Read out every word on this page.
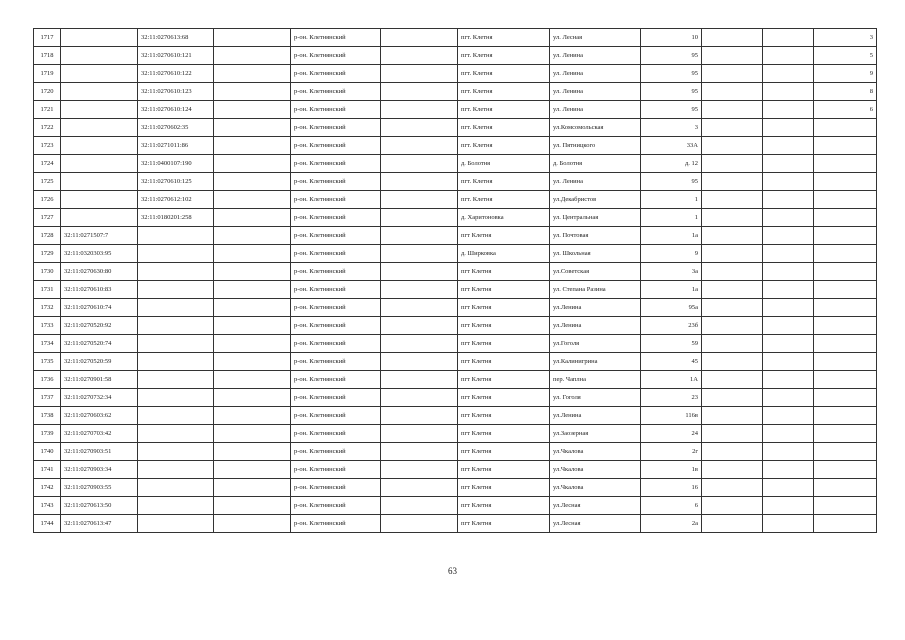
1717		32:11:0270613:68		р-он. Клетнянский		пгт. Клетня	ул. Лесная	10			3
1718		32:11:0270610:121		р-он. Клетнянский		пгт. Клетня	ул. Ленина	95			5
1719		32:11:0270610:122		р-он. Клетнянский		пгт. Клетня	ул. Ленина	95			9
1720		32:11:0270610:123		р-он. Клетнянский		пгт. Клетня	ул. Ленина	95			8
1721		32:11:0270610:124		р-он. Клетнянский		пгт. Клетня	ул. Ленина	95			6
1722		32:11:0270602:35		р-он. Клетнянский		пгт. Клетня	ул.Комсомольская	3			
1723		32:11:0271011:86		р-он. Клетнянский		пгт. Клетня	ул. Пятницкого	33А			
1724		32:11:0400107:190		р-он. Клетнянский		д. Болотня	д. Болотня	д. 12			
1725		32:11:0270610:125		р-он. Клетнянский		пгт. Клетня	ул. Ленина	95			
1726		32:11:0270612:102		р-он. Клетнянский		пгт. Клетня	ул.Декабристов	1			
1727		32:11:0180201:258		р-он. Клетнянский		д. Харитоновка	ул. Центральная	1			
1728	32:11:0271507:7			р-он. Клетнянский		пгт Клетня	ул. Почтовая	1а			
1729	32:11:0320303:95			р-он. Клетнянский		д. Ширковка	ул. Школьная	9			
1730	32:11:0270630:80			р-он. Клетнянский		пгт Клетня	ул.Советская	3а			
1731	32:11:0270610:83			р-он. Клетнянский		пгт Клетня	ул. Степана Разина	1а			
1732	32:11:0270610:74			р-он. Клетнянский		пгт Клетня	ул.Ленина	95а			
1733	32:11:0270520:92			р-он. Клетнянский		пгт Клетня	ул.Ленина	23б			
1734	32:11:0270520:74			р-он. Клетнянский		пгт Клетня	ул.Гоголя	59			
1735	32:11:0270520:59			р-он. Клетнянский		пгт Клетня	ул.Калинигрина	45			
1736	32:11:0270901:58			р-он. Клетнянский		пгт Клетня	пер. Чаплна	1А			
1737	32:11:0270732:34			р-он. Клетнянский		пгт Клетня	ул. Гоголя	23			
1738	32:11:0270603:62			р-он. Клетнянский		пгт Клетня	ул.Ленина	116в			
1739	32:11:0270703:42			р-он. Клетнянский		пгт Клетня	ул.Заозерная	24			
1740	32:11:0270903:51			р-он. Клетнянский		пгт Клетня	ул.Чкалова	2г			
1741	32:11:0270903:34			р-он. Клетнянский		пгт Клетня	ул.Чкалова	1в			
1742	32:11:0270903:55			р-он. Клетнянский		пгт Клетня	ул.Чкалова	16			
1743	32:11:0270613:50			р-он. Клетнянский		пгт Клетня	ул.Лесная	6			
1744	32:11:0270613:47			р-он. Клетнянский		пгт Клетня	ул.Лесная	2а			
63
